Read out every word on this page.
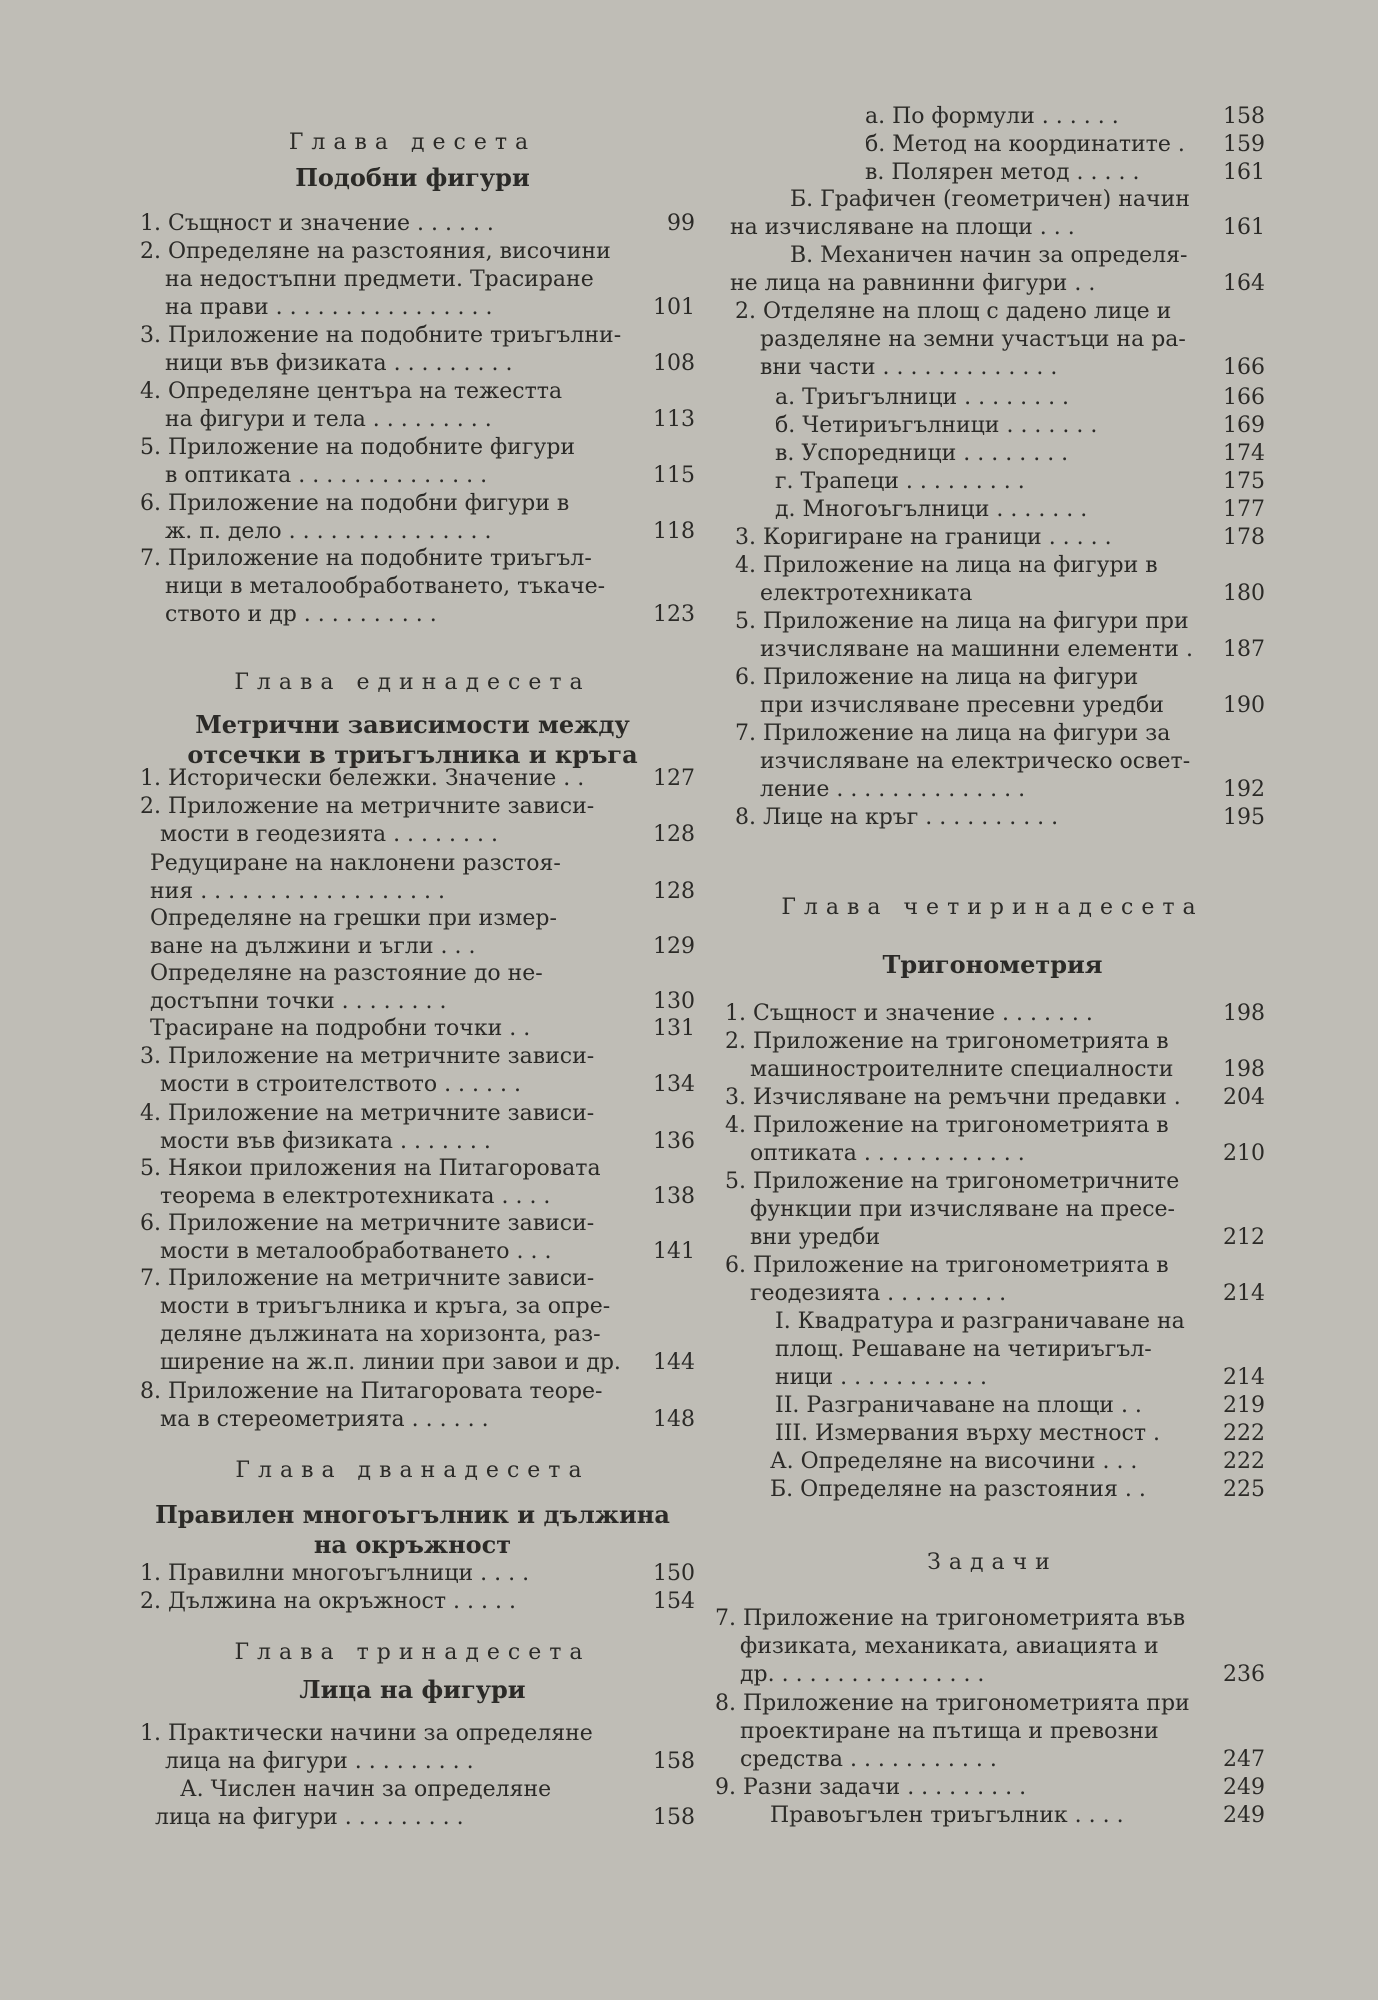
Глава десета
Подобни фигури
1. Същност и значение . . . . . .	99
2. Определяне на разстояния, височини
на недостъпни предмети. Трасиране
на прави . . . . . . . . . . . . . . . .	101
3. Приложение на подобните триъгълни-
ници във физиката . . . . . . . . .	108
4. Определяне центъра на тежестта
на фигури и тела . . . . . . . . .	113
5. Приложение на подобните фигури
в оптиката . . . . . . . . . . . . . .	115
6. Приложение на подобни фигури в
ж. п. дело . . . . . . . . . . . . . . .	118
7. Приложение на подобните триъгъл-
ници в металообработването, тъкаче-
ството и др . . . . . . . . . .	123
Глава единадесета
Метрични зависимости между
отсечки в триъгълника и кръга
1. Исторически бележки. Значение . .	127
2. Приложение на метричните зависи-
мости в геодезията . . . . . . . .	128
Редуциране на наклонени разстоя-
ния . . . . . . . . . . . . . . . . . .	128
Определяне на грешки при измер-
ване на дължини и ъгли . . .	129
Определяне на разстояние до не-
достъпни точки . . . . . . . .	130
Трасиране на подробни точки . .	131
3. Приложение на метричните зависи-
мости в строителството . . . . . .	134
4. Приложение на метричните зависи-
мости във физиката . . . . . . .	136
5. Някои приложения на Питагоровата
теорема в електротехниката . . . .	138
6. Приложение на метричните зависи-
мости в металообработването . . .	141
7. Приложение на метричните зависи-
мости в триъгълника и кръга, за опре-
деляне дължината на хоризонта, раз-
ширение на ж.п. линии при завои и др. 144
8. Приложение на Питагоровата теоре-
ма в стереометрията . . . . . .	148
Глава дванадесета
Правилен многоъгълник и дължина
на окръжност
1. Правилни многоъгълници . . . .	150
2. Дължина на окръжност . . . . .	154
Глава тринадесета
Лица на фигури
1. Практически начини за определяне
лица на фигури . . . . . . . . .	158
А. Числен начин за определяне
лица на фигури . . . . . . . . .	158
а. По формули . . . . . .	158
б. Метод на координатите . 159
в. Полярен метод . . . . .	161
Б. Графичен (геометричен) начин
на изчисляване на площи . . .	161
В. Механичен начин за определя-
не лица на равнинни фигури . .	164
2. Отделяне на площ с дадено лице и
разделяне на земни участъци на ра-
вни части . . . . . . . . . . . . .	166
а. Триъгълници . . . . . . . .	166
б. Четириъгълници . . . . . . .	169
в. Успоредници . . . . . . . .	174
г. Трапеци . . . . . . . . .	175
д. Многоъгълници . . . . . . .	177
3. Коригиране на граници . . . . .	178
4. Приложение на лица на фигури в
електротехниката	180
5. Приложение на лица на фигури при
изчисляване на машинни елементи . 187
6. Приложение на лица на фигури
при изчисляване пресевни уредби	190
7. Приложение на лица на фигури за
изчисляване на електрическо освет-
ление . . . . . . . . . . . . . .	192
8. Лице на кръг . . . . . . . . . .	195
Глава четиринадесета
Тригонометрия
1. Същност и значение . . . . . . .	198
2. Приложение на тригонометрията в
машиностроителните специалности 198
3. Изчисляване на ремъчни предавки . 204
4. Приложение на тригонометрията в
оптиката . . . . . . . . . . . .	210
5. Приложение на тригонометричните
функции при изчисляване на пресе-
вни уредби	212
6. Приложение на тригонометрията в
геодезията . . . . . . . . .	214
I. Квадратура и разграничаване на
площ. Решаване на четириъгъл-
ници . . . . . . . . . . .	214
II. Разграничаване на площи . .	219
III. Измервания върху местност .	222
А. Определяне на височини . . .	222
Б. Определяне на разстояния . .	225
Задачи
7. Приложение на тригонометрията във
физиката, механиката, авиацията и
др. . . . . . . . . . . . . . . .	236
8. Приложение на тригонометрията при
проектиране на пътища и превозни
средства . . . . . . . . . . .	247
9. Разни задачи . . . . . . . . .	249
Правоъгълен триъгълник . . . .	249
